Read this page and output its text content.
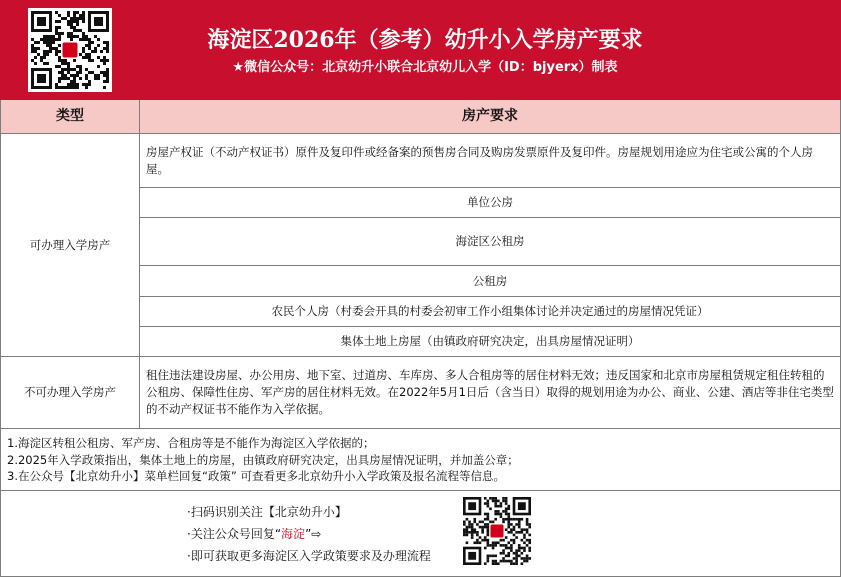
海淀区2026年（参考）幼升小入学房产要求
★微信公众号：北京幼升小联合北京幼儿入学（ID：bjyerx）制表
类型	房产要求
可办理入学房产
房屋产权证（不动产权证书）原件及复印件或经备案的预售房合同及购房发票原件及复印件。房屋规划用途应为住宅或公寓的个人房屋。
单位公房
海淀区公租房
公租房
农民个人房（村委会开具的村委会初审工作小组集体讨论并决定通过的房屋情况凭证）
集体土地上房屋（由镇政府研究决定，出具房屋情况证明）
不可办理入学房产
租住违法建设房屋、办公用房、地下室、过道房、车库房、多人合租房等的居住材料无效；违反国家和北京市房屋租赁规定租住转租的公租房、保障性住房、军产房的居住材料无效。在2022年5月1日后（含当日）取得的规划用途为办公、商业、公建、酒店等非住宅类型的不动产权证书不能作为入学依据。
1.海淀区转租公租房、军产房、合租房等是不能作为海淀区入学依据的；
2.2025年入学政策指出，集体土地上的房屋，由镇政府研究决定，出具房屋情况证明，并加盖公章；
3.在公众号【北京幼升小】菜单栏回复“政策” 可查看更多北京幼升小入学政策及报名流程等信息。
·扫码识别关注【北京幼升小】
·关注公众号回复“海淀”⇨
·即可获取更多海淀区入学政策要求及办理流程
